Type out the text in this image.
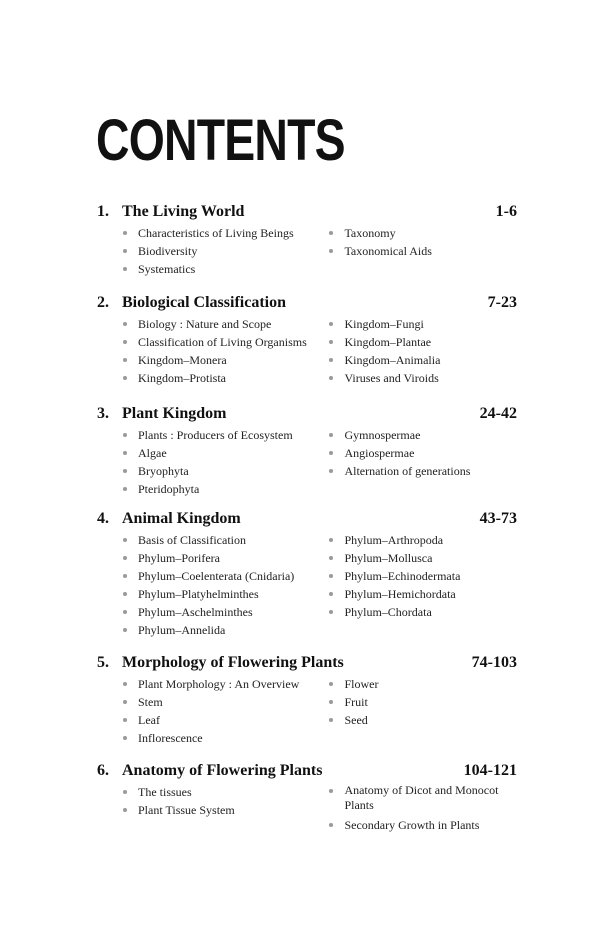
CONTENTS
1. The Living World	1-6
Characteristics of Living Beings
Biodiversity
Systematics
Taxonomy
Taxonomical Aids
2. Biological Classification	7-23
Biology : Nature and Scope
Classification of Living Organisms
Kingdom–Monera
Kingdom–Protista
Kingdom–Fungi
Kingdom–Plantae
Kingdom–Animalia
Viruses and Viroids
3. Plant Kingdom	24-42
Plants : Producers of Ecosystem
Algae
Bryophyta
Pteridophyta
Gymnospermae
Angiospermae
Alternation of generations
4. Animal Kingdom	43-73
Basis of Classification
Phylum–Porifera
Phylum–Coelenterata (Cnidaria)
Phylum–Platyhelminthes
Phylum–Aschelminthes
Phylum–Annelida
Phylum–Arthropoda
Phylum–Mollusca
Phylum–Echinodermata
Phylum–Hemichordata
Phylum–Chordata
5. Morphology of Flowering Plants	74-103
Plant Morphology : An Overview
Stem
Leaf
Inflorescence
Flower
Fruit
Seed
6. Anatomy of Flowering Plants	104-121
The tissues
Plant Tissue System
Anatomy of Dicot and Monocot Plants
Secondary Growth in Plants
